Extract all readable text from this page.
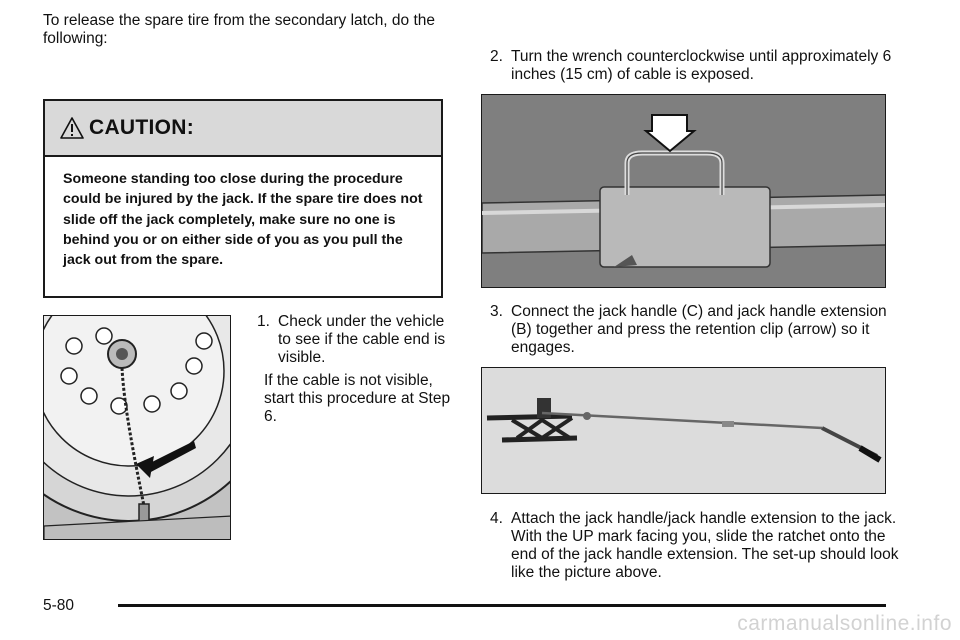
To release the spare tire from the secondary latch, do the following:
CAUTION:
Someone standing too close during the procedure could be injured by the jack. If the spare tire does not slide off the jack completely, make sure no one is behind you or on either side of you as you pull the jack out from the spare.
1. Check under the vehicle to see if the cable end is visible.
If the cable is not visible, start this procedure at Step 6.
2. Turn the wrench counterclockwise until approximately 6 inches (15 cm) of cable is exposed.
3. Connect the jack handle (C) and jack handle extension (B) together and press the retention clip (arrow) so it engages.
4. Attach the jack handle/jack handle extension to the jack. With the UP mark facing you, slide the ratchet onto the end of the jack handle extension. The set-up should look like the picture above.
5-80
carmanualsonline.info
